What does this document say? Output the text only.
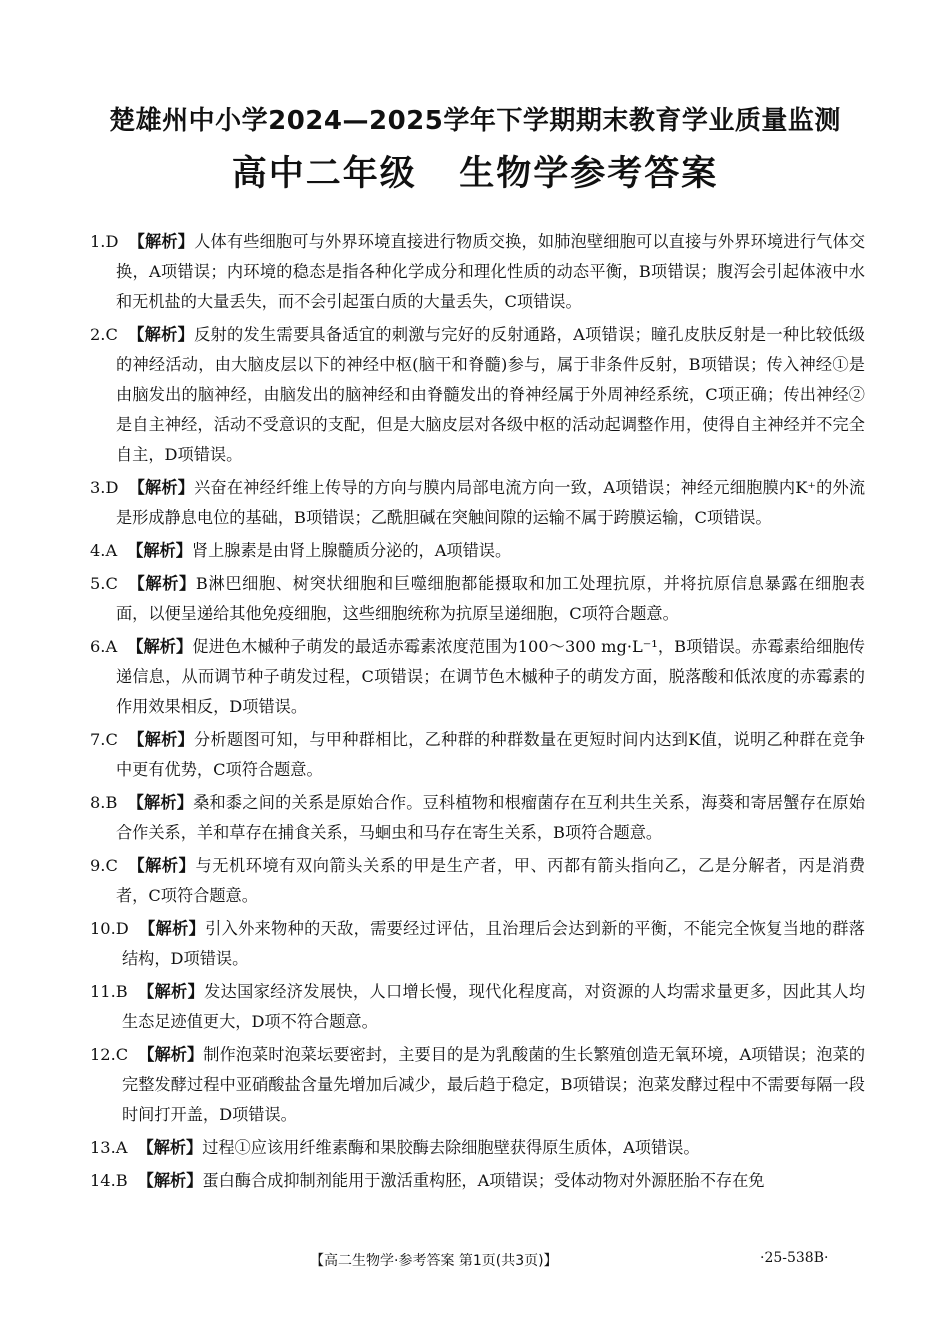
楚雄州中小学2024—2025学年下学期期末教育学业质量监测
高中二年级   生物学参考答案
1.D 【解析】人体有些细胞可与外界环境直接进行物质交换，如肺泡壁细胞可以直接与外界环境进行气体交换，A项错误；内环境的稳态是指各种化学成分和理化性质的动态平衡，B项错误；腹泻会引起体液中水和无机盐的大量丢失，而不会引起蛋白质的大量丢失，C项错误。
2.C 【解析】反射的发生需要具备适宜的刺激与完好的反射通路，A项错误；瞳孔皮肤反射是一种比较低级的神经活动，由大脑皮层以下的神经中枢(脑干和脊髓)参与，属于非条件反射，B项错误；传入神经①是由脑发出的脑神经，由脑发出的脑神经和由脊髓发出的脊神经属于外周神经系统，C项正确；传出神经②是自主神经，活动不受意识的支配，但是大脑皮层对各级中枢的活动起调整作用，使得自主神经并不完全自主，D项错误。
3.D 【解析】兴奋在神经纤维上传导的方向与膜内局部电流方向一致，A项错误；神经元细胞膜内K⁺的外流是形成静息电位的基础，B项错误；乙酰胆碱在突触间隙的运输不属于跨膜运输，C项错误。
4.A 【解析】肾上腺素是由肾上腺髓质分泌的，A项错误。
5.C 【解析】B淋巴细胞、树突状细胞和巨噬细胞都能摄取和加工处理抗原，并将抗原信息暴露在细胞表面，以便呈递给其他免疫细胞，这些细胞统称为抗原呈递细胞，C项符合题意。
6.A 【解析】促进色木槭种子萌发的最适赤霉素浓度范围为100～300 mg·L⁻¹，B项错误。赤霉素给细胞传递信息，从而调节种子萌发过程，C项错误；在调节色木槭种子的萌发方面，脱落酸和低浓度的赤霉素的作用效果相反，D项错误。
7.C 【解析】分析题图可知，与甲种群相比，乙种群的种群数量在更短时间内达到K值，说明乙种群在竞争中更有优势，C项符合题意。
8.B 【解析】桑和黍之间的关系是原始合作。豆科植物和根瘤菌存在互利共生关系，海葵和寄居蟹存在原始合作关系，羊和草存在捕食关系，马蛔虫和马存在寄生关系，B项符合题意。
9.C 【解析】与无机环境有双向箭头关系的甲是生产者，甲、丙都有箭头指向乙，乙是分解者，丙是消费者，C项符合题意。
10.D 【解析】引入外来物种的天敌，需要经过评估，且治理后会达到新的平衡，不能完全恢复当地的群落结构，D项错误。
11.B 【解析】发达国家经济发展快，人口增长慢，现代化程度高，对资源的人均需求量更多，因此其人均生态足迹值更大，D项不符合题意。
12.C 【解析】制作泡菜时泡菜坛要密封，主要目的是为乳酸菌的生长繁殖创造无氧环境，A项错误；泡菜的完整发酵过程中亚硝酸盐含量先增加后减少，最后趋于稳定，B项错误；泡菜发酵过程中不需要每隔一段时间打开盖，D项错误。
13.A 【解析】过程①应该用纤维素酶和果胶酶去除细胞壁获得原生质体，A项错误。
14.B 【解析】蛋白酶合成抑制剂能用于激活重构胚，A项错误；受体动物对外源胚胎不存在免
【高二生物学·参考答案 第1页(共3页)】	·25-538B·
